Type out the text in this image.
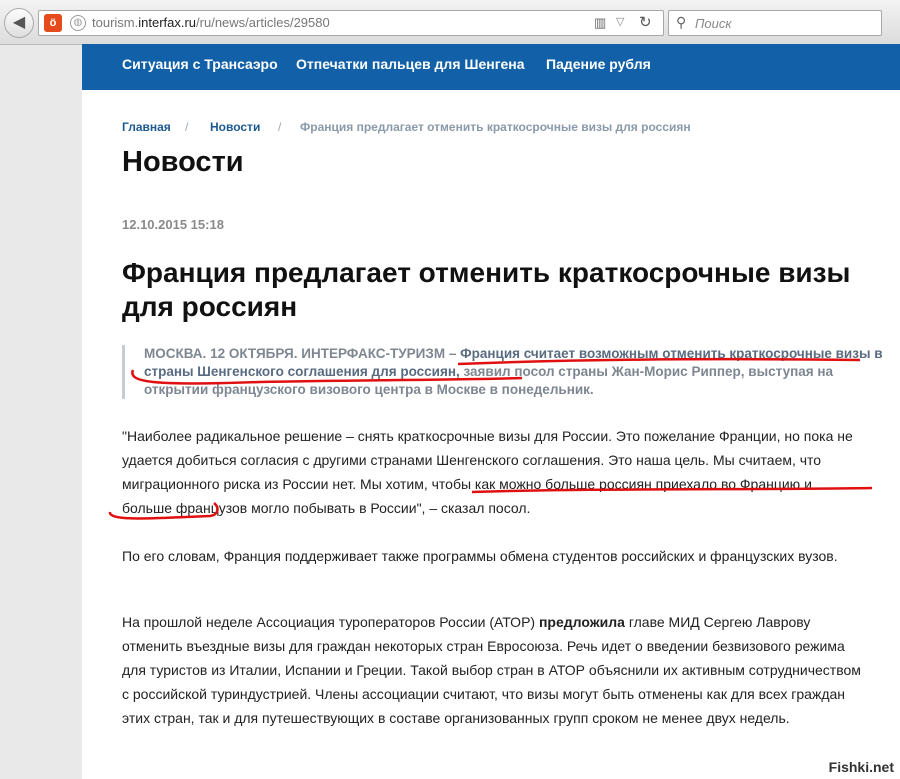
◀	ö	◍ tourism.interfax.ru/ru/news/articles/29580	▥ ▽ ↻ ⚲ Поиск
Ситуация с Трансаэро Отпечатки пальцев для Шенгена Падение рубля
Главная / Новости / Франция предлагает отменить краткосрочные визы для россиян
Новости
12.10.2015 15:18
Франция предлагает отменить краткосрочные визы для россиян
МОСКВА. 12 ОКТЯБРЯ. ИНТЕРФАКС-ТУРИЗМ – Франция считает возможным отменить краткосрочные визы в страны Шенгенского соглашения для россиян, заявил посол страны Жан-Морис Риппер, выступая на открытии французского визового центра в Москве в понедельник.
"Наиболее радикальное решение – снять краткосрочные визы для России. Это пожелание Франции, но пока не удается добиться согласия с другими странами Шенгенского соглашения. Это наша цель. Мы считаем, что миграционного риска из России нет. Мы хотим, чтобы как можно больше россиян приехало во Францию и больше французов могло побывать в России", – сказал посол.
По его словам, Франция поддерживает также программы обмена студентов российских и французских вузов.
На прошлой неделе Ассоциация туроператоров России (АТОР) предложила главе МИД Сергею Лаврову отменить въездные визы для граждан некоторых стран Евросоюза. Речь идет о введении безвизового режима для туристов из Италии, Испании и Греции. Такой выбор стран в АТОР объяснили их активным сотрудничеством с российской туриндустрией. Члены ассоциации считают, что визы могут быть отменены как для всех граждан этих стран, так и для путешествующих в составе организованных групп сроком не менее двух недель.
Fishki.net
